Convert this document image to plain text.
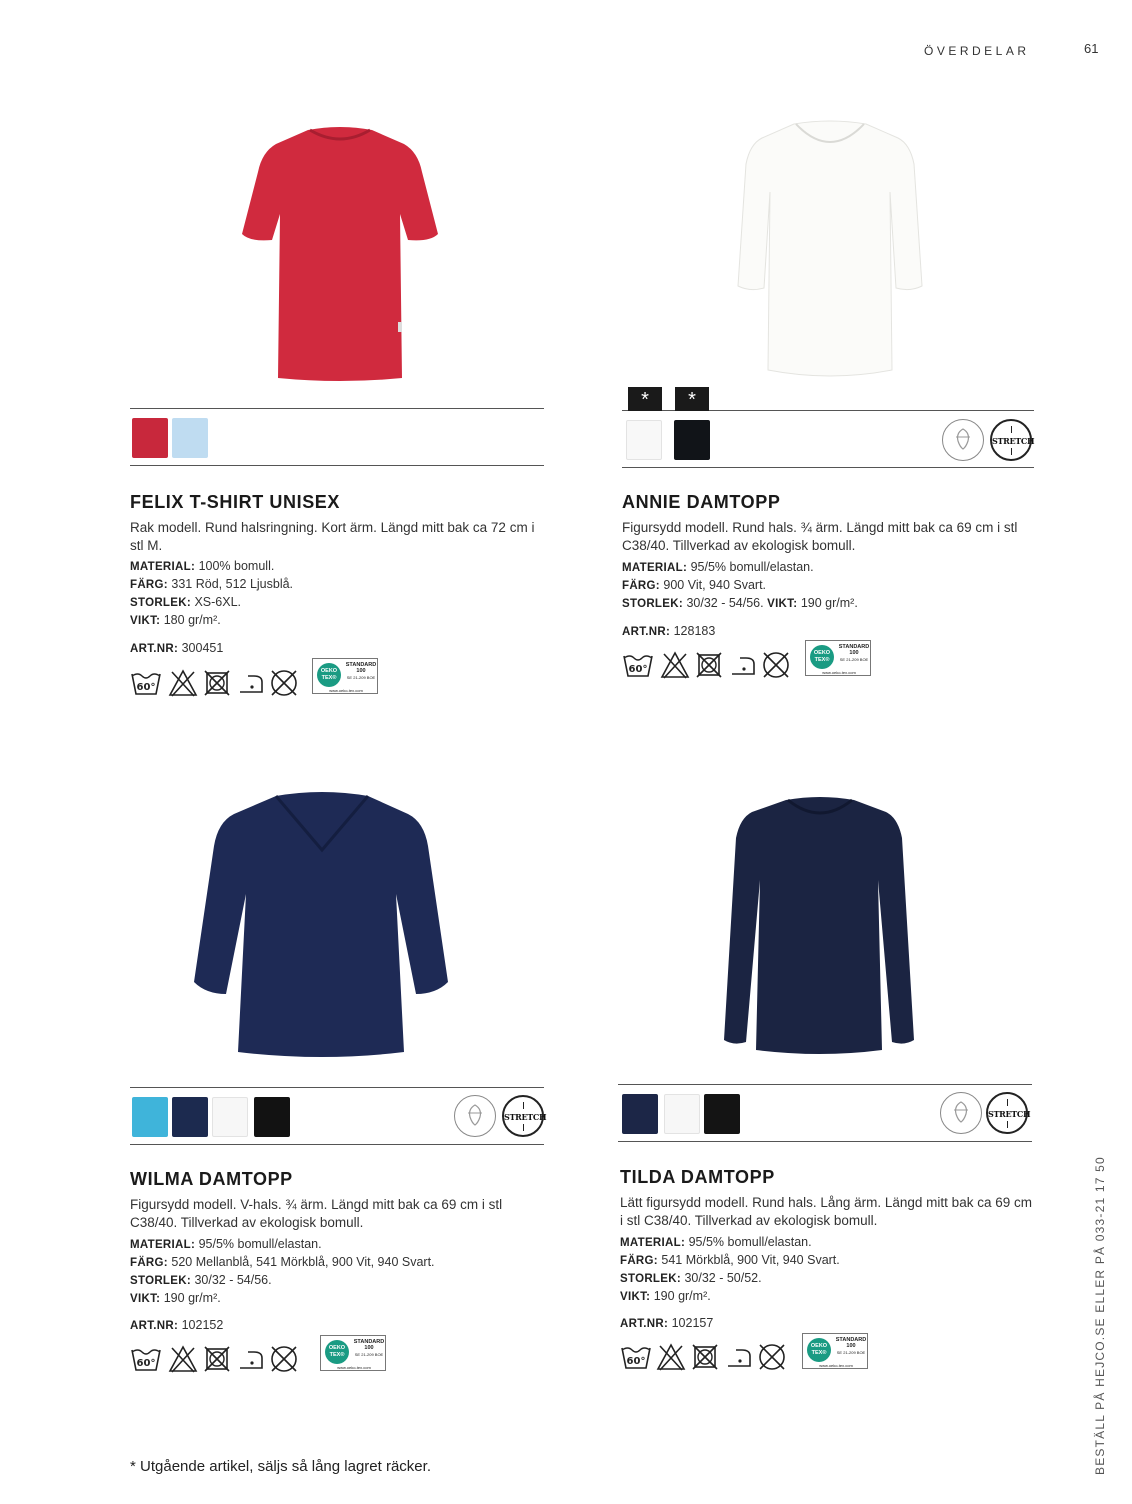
ÖVERDELAR	61
BESTÄLL PÅ HEJCO.SE ELLER PÅ 033-21 17 50
FELIX T-SHIRT UNISEX
Rak modell. Rund halsringning. Kort ärm. Längd mitt bak ca 72 cm i stl M.
MATERIAL: 100% bomull.
FÄRG: 331 Röd, 512 Ljusblå.
STORLEK: XS-6XL.
VIKT: 180 gr/m².
ART.NR: 300451
60°
OEKO TEX®
STANDARD 100
SE 21-209 BOE
www.oeko-tex.com
STRETCH
*	*
ANNIE DAMTOPP
Figursydd modell. Rund hals. ¾ ärm. Längd mitt bak ca 69 cm i stl C38/40. Tillverkad av ekologisk bomull.
MATERIAL: 95/5% bomull/elastan.
FÄRG: 900 Vit, 940 Svart.
STORLEK: 30/32 - 54/56. VIKT: 190 gr/m².
ART.NR: 128183
60°
OEKO TEX®
STANDARD 100
SE 21-209 BOE
www.oeko-tex.com
STRETCH
WILMA DAMTOPP
Figursydd modell. V-hals. ¾ ärm. Längd mitt bak ca 69 cm i stl C38/40. Tillverkad av ekologisk bomull.
MATERIAL: 95/5% bomull/elastan.
FÄRG: 520 Mellanblå, 541 Mörkblå, 900 Vit, 940 Svart.
STORLEK: 30/32 - 54/56.
VIKT: 190 gr/m².
ART.NR: 102152
60°
OEKO TEX®
STANDARD 100
SE 21-209 BOE
www.oeko-tex.com
STRETCH
TILDA DAMTOPP
Lätt figursydd modell. Rund hals. Lång ärm. Längd mitt bak ca 69 cm i stl C38/40. Tillverkad av ekologisk bomull.
MATERIAL: 95/5% bomull/elastan.
FÄRG: 541 Mörkblå, 900 Vit, 940 Svart.
STORLEK: 30/32 - 50/52.
VIKT: 190 gr/m².
ART.NR: 102157
60°
OEKO TEX®
STANDARD 100
SE 21-209 BOE
www.oeko-tex.com
* Utgående artikel, säljs så lång lagret räcker.
